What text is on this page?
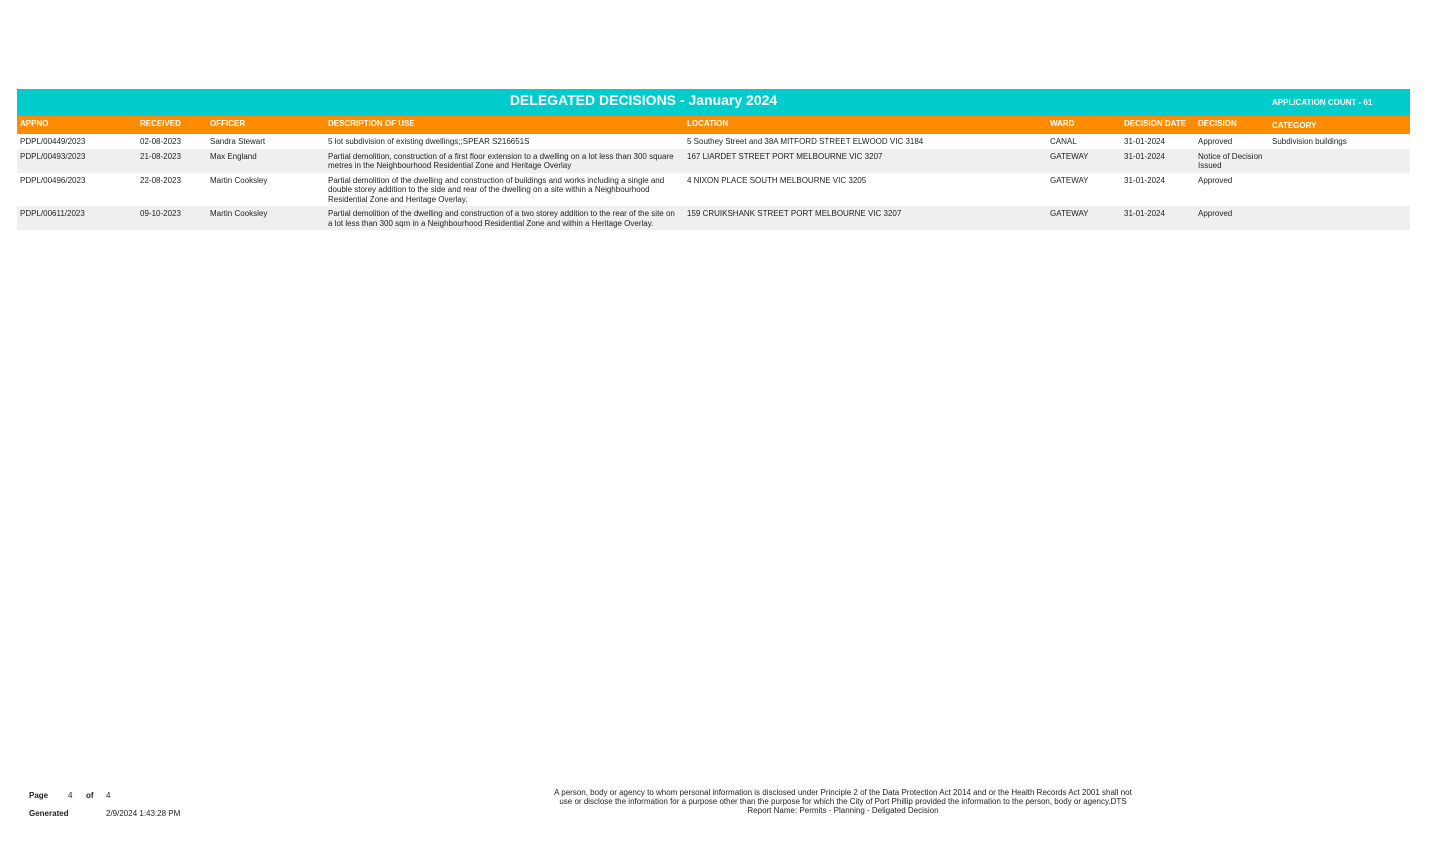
DELEGATED DECISIONS - January 2024	APPLICATION COUNT - 61
APPNO	RECEIVED	OFFICER	DESCRIPTION OF USE	LOCATION	WARD	DECISION DATE	DECISION	CATEGORY
PDPL/00449/2023	02-08-2023	Sandra Stewart	5 lot subdivision of existing dwellings;;SPEAR S216651S	5 Southey Street and 38A MITFORD STREET ELWOOD VIC 3184	CANAL	31-01-2024	Approved	Subdivision buildings
PDPL/00493/2023	21-08-2023	Max England	Partial demolition, construction of a first floor extension to a dwelling on a lot less than 300 square metres in the Neighbourhood Residential Zone and Heritage Overlay	167 LIARDET STREET PORT MELBOURNE VIC 3207	GATEWAY	31-01-2024	Notice of Decision Issued	
PDPL/00496/2023	22-08-2023	Martin Cooksley	Partial demolition of the dwelling and construction of buildings and works including a single and double storey addition to the side and rear of the dwelling on a site within a Neighbourhood Residential Zone and Heritage Overlay.	4 NIXON PLACE SOUTH MELBOURNE VIC 3205	GATEWAY	31-01-2024	Approved	
PDPL/00611/2023	09-10-2023	Martin Cooksley	Partial demolition of the dwelling and construction of a two storey addition to the rear of the site on a lot less than 300 sqm in a Neighbourhood Residential Zone and within a Heritage Overlay.	159 CRUIKSHANK STREET PORT MELBOURNE VIC 3207	GATEWAY	31-01-2024	Approved	
Page	4	of	4
Generated	2/9/2024 1:43:28 PM
A person, body or agency to whom personal information is disclosed under Principle 2 of the Data Protection Act 2014 and or the Health Records Act 2001 shall not
use or disclose the information for a purpose other than the purpose for which the City of Port Phillip provided the information to the person, body or agency.DTS
Report Name: Permits - Planning - Deligated Decision
